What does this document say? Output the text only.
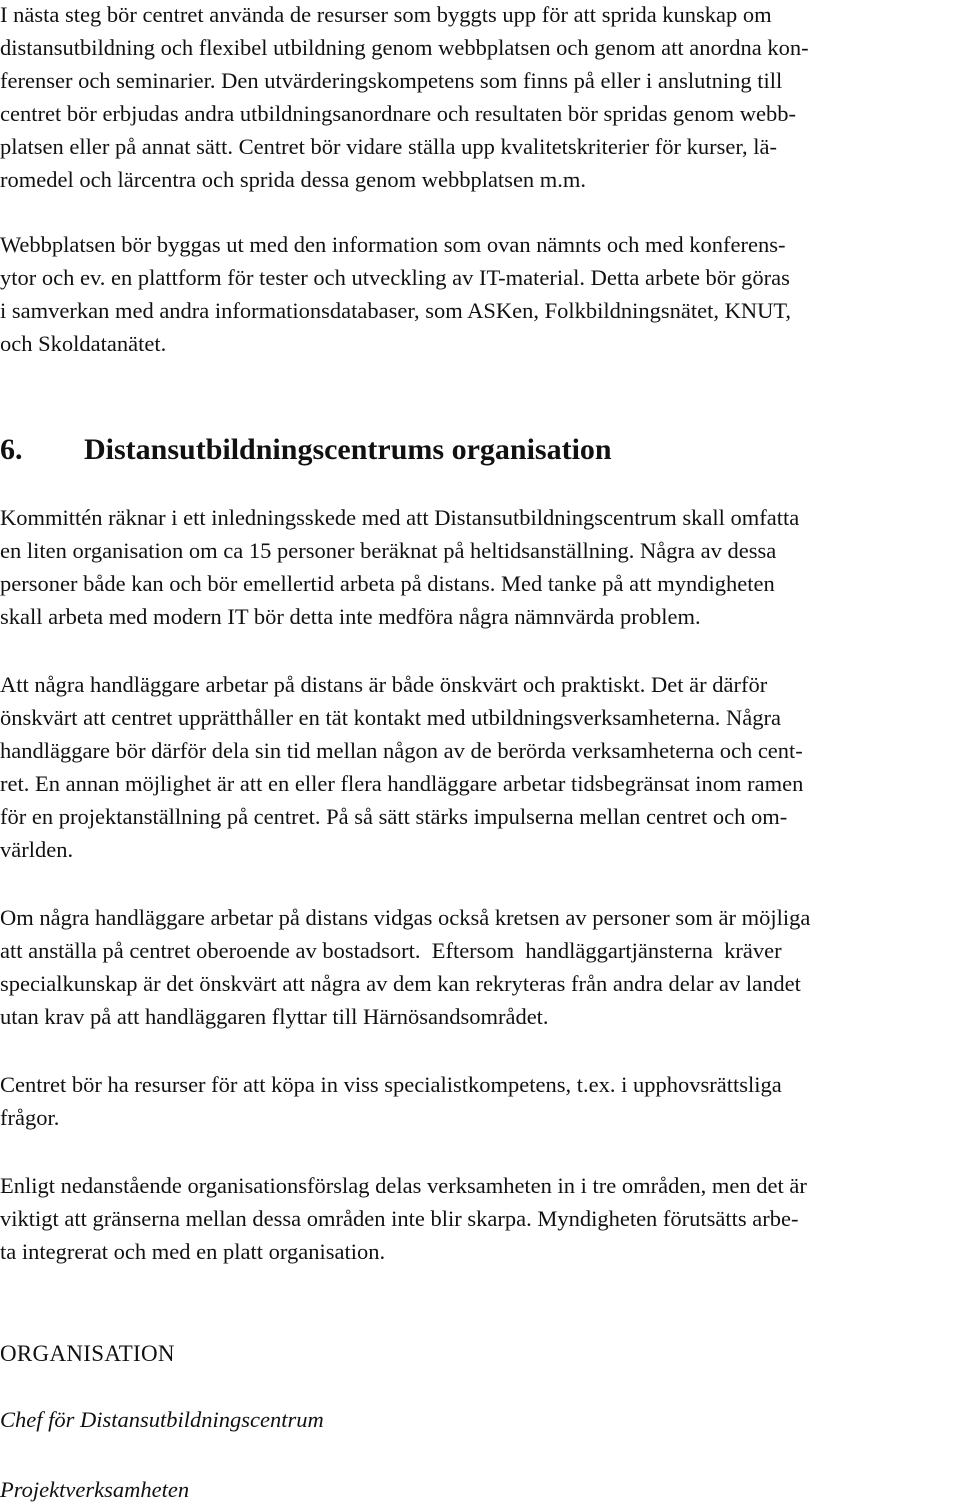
I nästa steg bör centret använda de resurser som byggts upp för att sprida kunskap om

distansutbildning och flexibel utbildning genom webbplatsen och genom att anordna kon-

ferenser och seminarier. Den utvärderingskompetens som finns på eller i anslutning till

centret bör erbjudas andra utbildningsanordnare och resultaten bör spridas genom webb-

platsen eller på annat sätt. Centret bör vidare ställa upp kvalitetskriterier för kurser, lä-

romedel och lärcentra och sprida dessa genom webbplatsen m.m.

Webbplatsen bör byggas ut med den information som ovan nämnts och med konferens-

ytor och ev. en plattform för tester och utveckling av IT-material. Detta arbete bör göras

i samverkan med andra informationsdatabaser, som ASKen, Folkbildningsnätet, KNUT,

och Skoldatanätet.

6. Distansutbildningscentrums organisation

Kommittén räknar i ett inledningsskede med att Distansutbildningscentrum skall omfatta

en liten organisation om ca 15 personer beräknat på heltidsanställning. Några av dessa

personer både kan och bör emellertid arbeta på distans. Med tanke på att myndigheten

skall arbeta med modern IT bör detta inte medföra några nämnvärda problem.

Att några handläggare arbetar på distans är både önskvärt och praktiskt. Det är därför

önskvärt att centret upprätthåller en tät kontakt med utbildningsverksamheterna. Några

handläggare bör därför dela sin tid mellan någon av de berörda verksamheterna och cent-

ret. En annan möjlighet är att en eller flera handläggare arbetar tidsbegränsat inom ramen

för en projektanställning på centret. På så sätt stärks impulserna mellan centret och om-

världen.

Om några handläggare arbetar på distans vidgas också kretsen av personer som är möjliga

att anställa på centret oberoende av bostadsort.  Eftersom  handläggartjänsterna  kräver

specialkunskap är det önskvärt att några av dem kan rekryteras från andra delar av landet

utan krav på att handläggaren flyttar till Härnösandsområdet.

Centret bör ha resurser för att köpa in viss specialistkompetens, t.ex. i upphovsrättsliga

frågor.

Enligt nedanstående organisationsförslag delas verksamheten in i tre områden, men det är

viktigt att gränserna mellan dessa områden inte blir skarpa. Myndigheten förutsätts arbe-

ta integrerat och med en platt organisation.

ORGANISATION

Chef för Distansutbildningscentrum

Projektverksamheten
